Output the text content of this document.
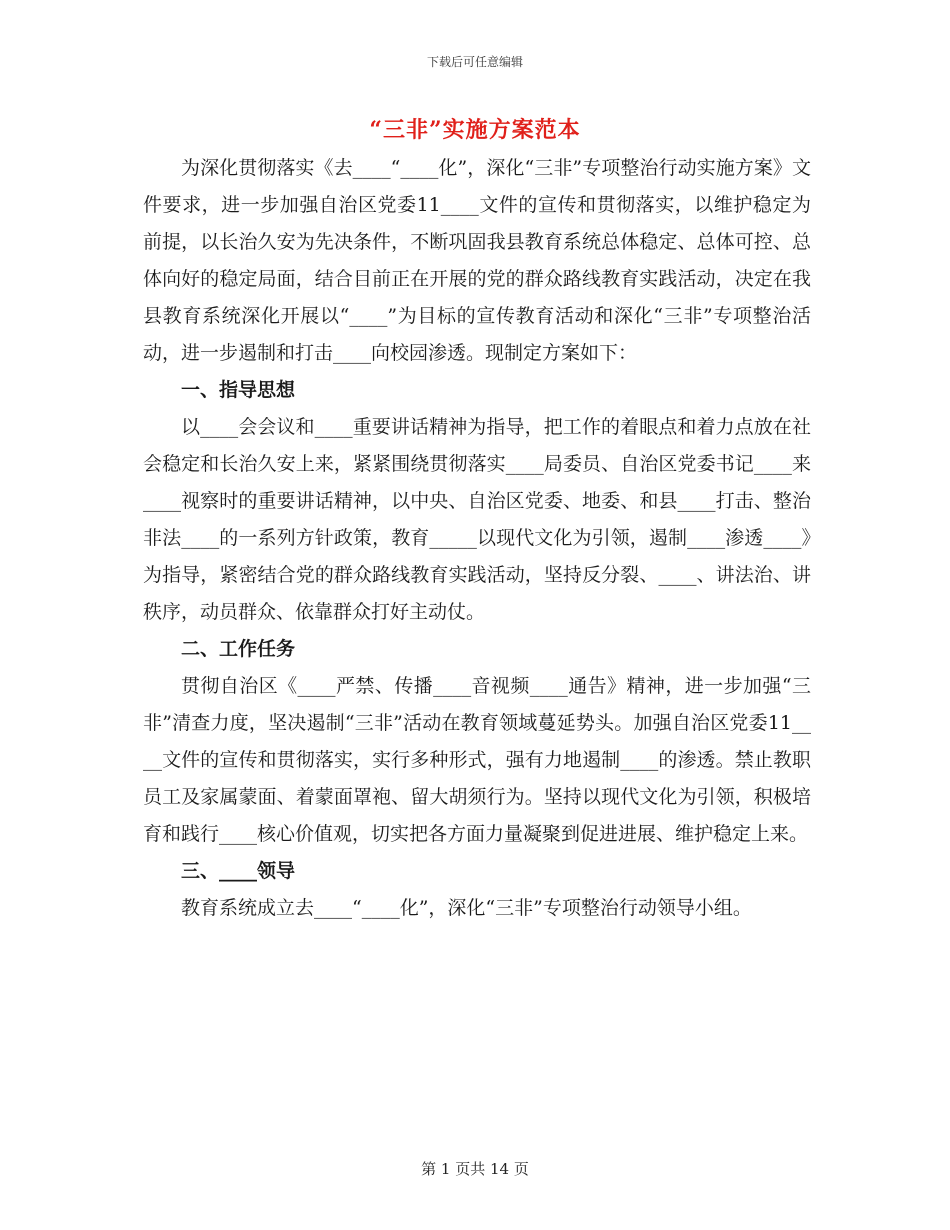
下载后可任意编辑
“三非”实施方案范本

为深化贯彻落实《去____“____化”，深化“三非”专项整治行动实施方案》文件要求，进一步加强自治区党委11____文件的宣传和贯彻落实，以维护稳定为前提，以长治久安为先决条件，不断巩固我县教育系统总体稳定、总体可控、总体向好的稳定局面，结合目前正在开展的党的群众路线教育实践活动，决定在我县教育系统深化开展以“____”为目标的宣传教育活动和深化“三非”专项整治活动，进一步遏制和打击____向校园渗透。现制定方案如下：

一、指导思想

以____会会议和____重要讲话精神为指导，把工作的着眼点和着力点放在社会稳定和长治久安上来，紧紧围绕贯彻落实____局委员、自治区党委书记____来____视察时的重要讲话精神，以中央、自治区党委、地委、和县____打击、整治非法____的一系列方针政策，教育_____以现代文化为引领，遏制____渗透____》为指导，紧密结合党的群众路线教育实践活动，坚持反分裂、____、讲法治、讲秩序，动员群众、依靠群众打好主动仗。

二、工作任务

贯彻自治区《____严禁、传播____音视频____通告》精神，进一步加强“三非”清查力度，坚决遏制“三非”活动在教育领域蔓延势头。加强自治区党委11____文件的宣传和贯彻落实，实行多种形式，强有力地遏制____的渗透。禁止教职员工及家属蒙面、着蒙面罩袍、留大胡须行为。坚持以现代文化为引领，积极培育和践行____核心价值观，切实把各方面力量凝聚到促进进展、维护稳定上来。

三、____领导

教育系统成立去____“____化”，深化“三非”专项整治行动领导小组。

第 1 页共 14 页
